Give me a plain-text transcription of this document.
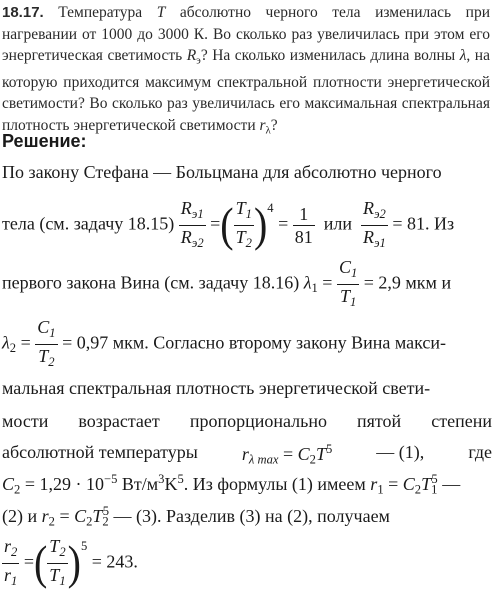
18.17. Температура T абсолютно черного тела изменилась при нагревании от 1000 до 3000 К. Во сколько раз увеличилась при этом его энергетическая светимость $R_э$? На сколько изменилась длина волны λ, на которую приходится максимум спектральной плотности энергетической светимости? Во сколько раз увеличилась его максимальная спектральная плотность энергетической светимости $r_\lambda$?
Решение:
По закону Стефана — Больцмана для абсолютно черного
тела (см. задачу $18.15) \frac{R_{э1}}{R_{э2}}$ =( $\frac{T_1}{T_2} )^4 = \frac{1}{81}$ или $\frac{R_{э2}}{R_{э1}} = 81$. Из
первого закона Вина (см. задачу 18.16) $\lambda_1 = \frac{C_1}{T_1} = 2,9$ мкм и
$\lambda_2 = \frac{C_1}{T_2} = 0,97$ мкм. Согласно второму закону Вина макси-
мальная спектральная плотность энергетической свети-
мости возрастает пропорционально пятой степени
абсолютной температуры $r_{\lambda max} = C_2T^5$ — (1), где
$C_2 = 1,29 \cdot 10^{-5}$ $Вт/м^3K^5$. Из формулы (1) имеем $r_1 = C_2T_1^5$ —
(2) и $r_2 = C_2T_2^5$ — (3). Разделив (3) на (2), получаем
$\frac{r_2}{r_1}$ =( $\frac{T_2}{T_1} )^5 = 243$.
